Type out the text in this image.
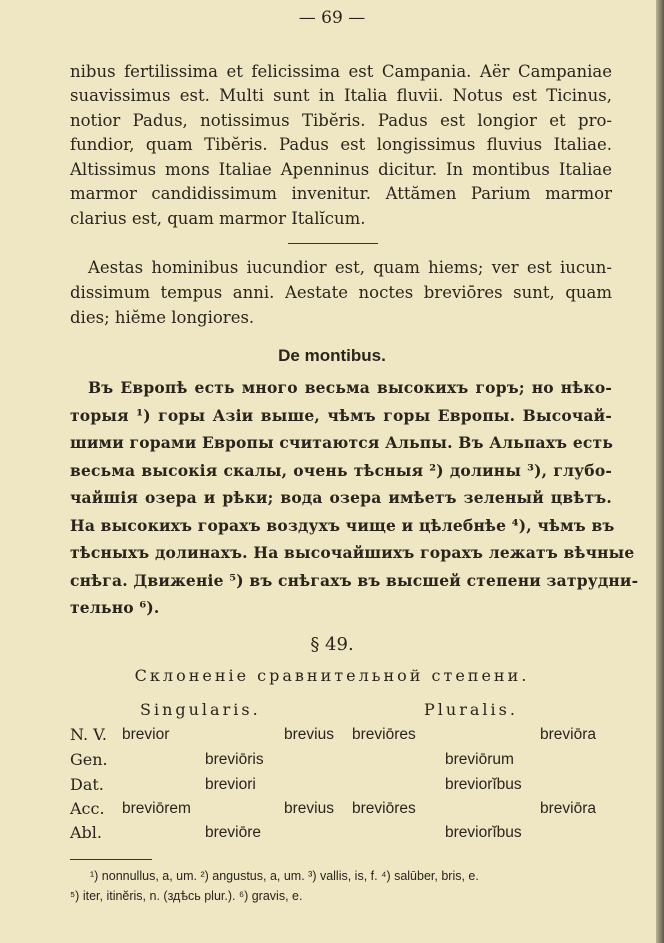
— 69 —
nibus fertilissima et felicissima est Campania. Aër Campaniae
suavissimus est. Multi sunt in Italia fluvii. Notus est Ticinus,
notior Padus, notissimus Tibĕris. Padus est longior et pro-
fundior, quam Tibĕris. Padus est longissimus fluvius Italiae.
Altissimus mons Italiae Apenninus dicitur. In montibus Italiae
marmor candidissimum invenitur. Attămen Parium marmor
clarius est, quam marmor Italĭcum.
Aestas hominibus iucundior est, quam hiems; ver est iucun-
dissimum tempus anni. Aestate noctes breviōres sunt, quam
dies; hiĕme longiores.
De montibus.
Въ Европѣ есть много весьма высокихъ горъ; но нѣко-
торыя ¹) горы Азіи выше, чѣмъ горы Европы. Высочай-
шими горами Европы считаются Альпы. Въ Альпахъ есть
весьма высокія скалы, очень тѣсныя ²) долины ³), глубо-
чайшія озера и рѣки; вода озера имѣетъ зеленый цвѣтъ.
На высокихъ горахъ воздухъ чище и цѣлебнѣе ⁴), чѣмъ въ
тѣсныхъ долинахъ. На высочайшихъ горахъ лежатъ вѣчные
снѣга. Движеніе ⁵) въ снѣгахъ въ высшей степени затрудни-
тельно ⁶).
§ 49.
Склоненіе сравнительной степени.
Singularis.	Pluralis.
N. V. brevior	brevius breviōres	breviōra
Gen.	breviōris	breviōrum
Dat.	breviori	breviorĭbus
Acc. breviōrem	brevius breviōres	breviōra
Abl.	breviōre	breviorĭbus
¹) nonnullus, a, um. ²) angustus, a, um. ³) vallis, is, f. ⁴) salūber, bris, e.
⁵) iter, itinĕris, n. (здѣсь plur.). ⁶) gravis, e.
